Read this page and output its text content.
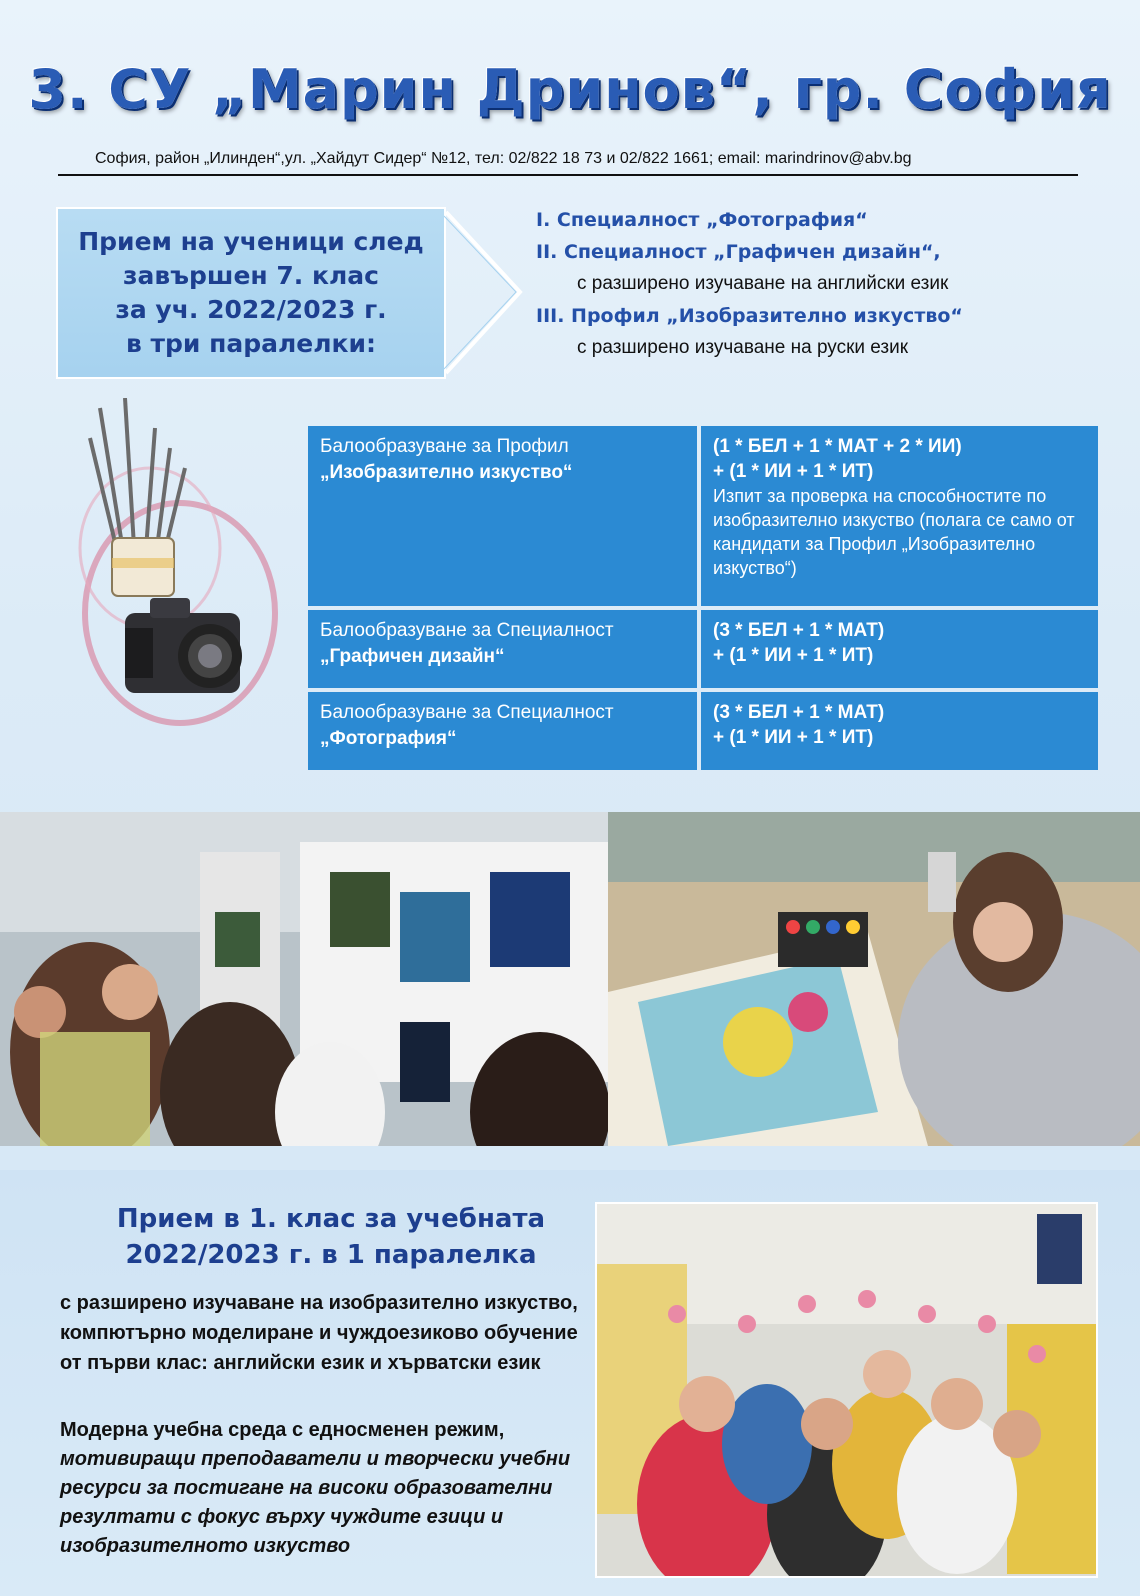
3. СУ „Марин Дринов“, гр. София
София, район „Илинден“,ул. „Хайдут Сидер“ №12, тел: 02/822 18 73 и 02/822 1661; email: marindrinov@abv.bg
Прием на ученици след
завършен 7. клас
за уч. 2022/2023 г.
в три паралелки:
I. Специалност „Фотография“
II. Специалност „Графичен дизайн“,
с разширено изучаване на английски език
III. Профил „Изобразително изкуство“
с разширено изучаване на руски език
Балообразуване за Профил
„Изобразително изкуство“
(1 * БЕЛ + 1 * МАТ + 2 * ИИ)
+ (1 * ИИ + 1 * ИТ)
Изпит за проверка на способностите по изобразително изкуство (полага се само от кандидати за Профил „Изобразително изкуство“)
Балообразуване за Специалност
„Графичен дизайн“
(3 * БЕЛ + 1 * МАТ)
+ (1 * ИИ + 1 * ИТ)
Балообразуване за Специалност
„Фотография“
(3 * БЕЛ + 1 * МАТ)
+ (1 * ИИ + 1 * ИТ)
Прием в 1. клас за учебната
2022/2023 г. в 1 паралелка
с разширено изучаване на изобразително изкуство, компютърно моделиране и чуждоезиково обучение от първи клас: английски език и хърватски език
Модерна учебна среда с едносменен режим, мотивиращи преподаватели и творчески учебни ресурси за постигане на високи образователни резултати с фокус върху чуждите езици и изобразителното изкуство
